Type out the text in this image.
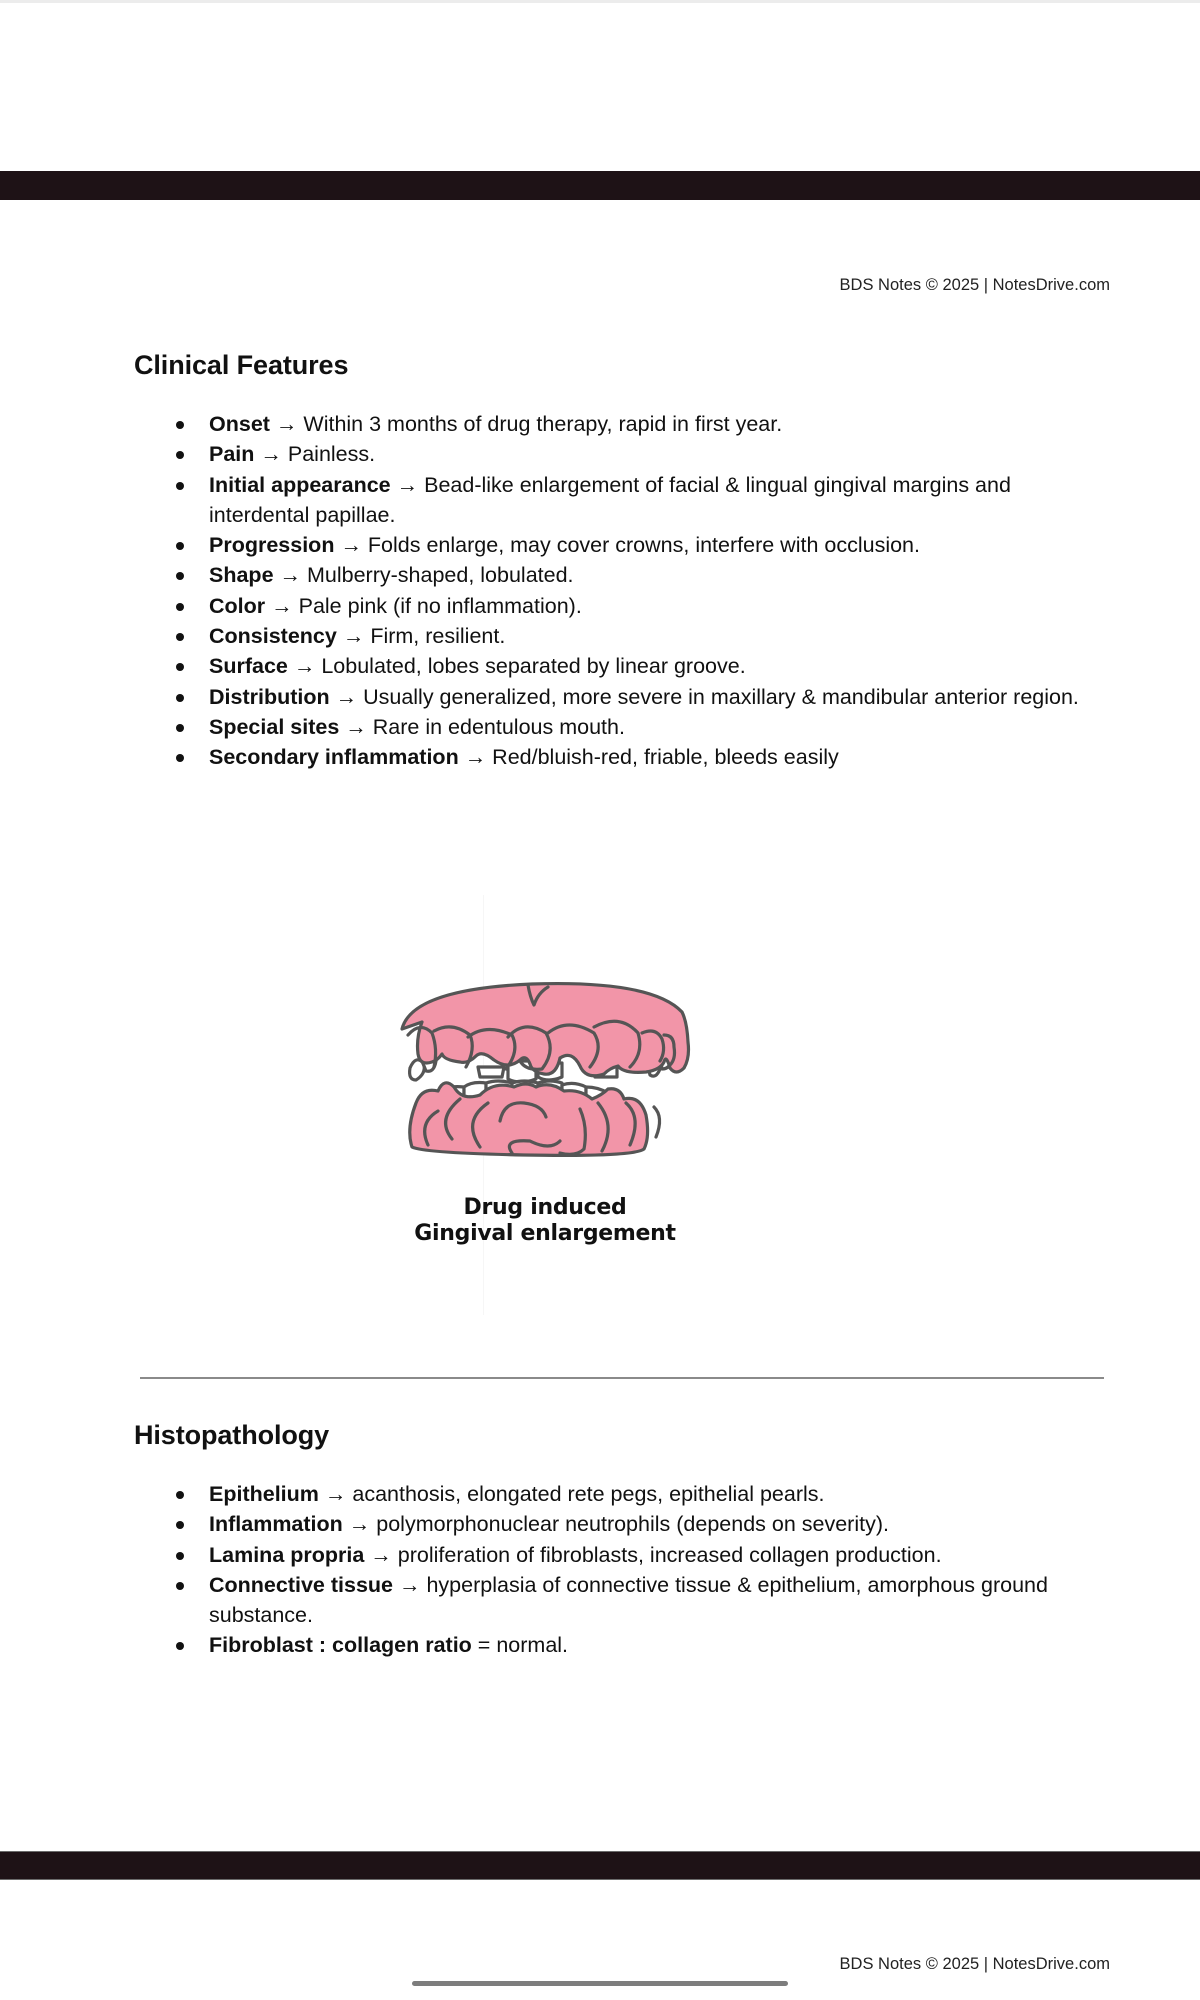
BDS Notes © 2025 | NotesDrive.com
Clinical Features
Onset → Within 3 months of drug therapy, rapid in first year.
Pain → Painless.
Initial appearance → Bead-like enlargement of facial & lingual gingival margins and interdental papillae.
Progression → Folds enlarge, may cover crowns, interfere with occlusion.
Shape → Mulberry-shaped, lobulated.
Color → Pale pink (if no inflammation).
Consistency → Firm, resilient.
Surface → Lobulated, lobes separated by linear groove.
Distribution → Usually generalized, more severe in maxillary & mandibular anterior region.
Special sites → Rare in edentulous mouth.
Secondary inflammation → Red/bluish-red, friable, bleeds easily
Drug induced
Gingival enlargement
Histopathology
Epithelium → acanthosis, elongated rete pegs, epithelial pearls.
Inflammation → polymorphonuclear neutrophils (depends on severity).
Lamina propria → proliferation of fibroblasts, increased collagen production.
Connective tissue → hyperplasia of connective tissue & epithelium, amorphous ground substance.
Fibroblast : collagen ratio = normal.
BDS Notes © 2025 | NotesDrive.com
